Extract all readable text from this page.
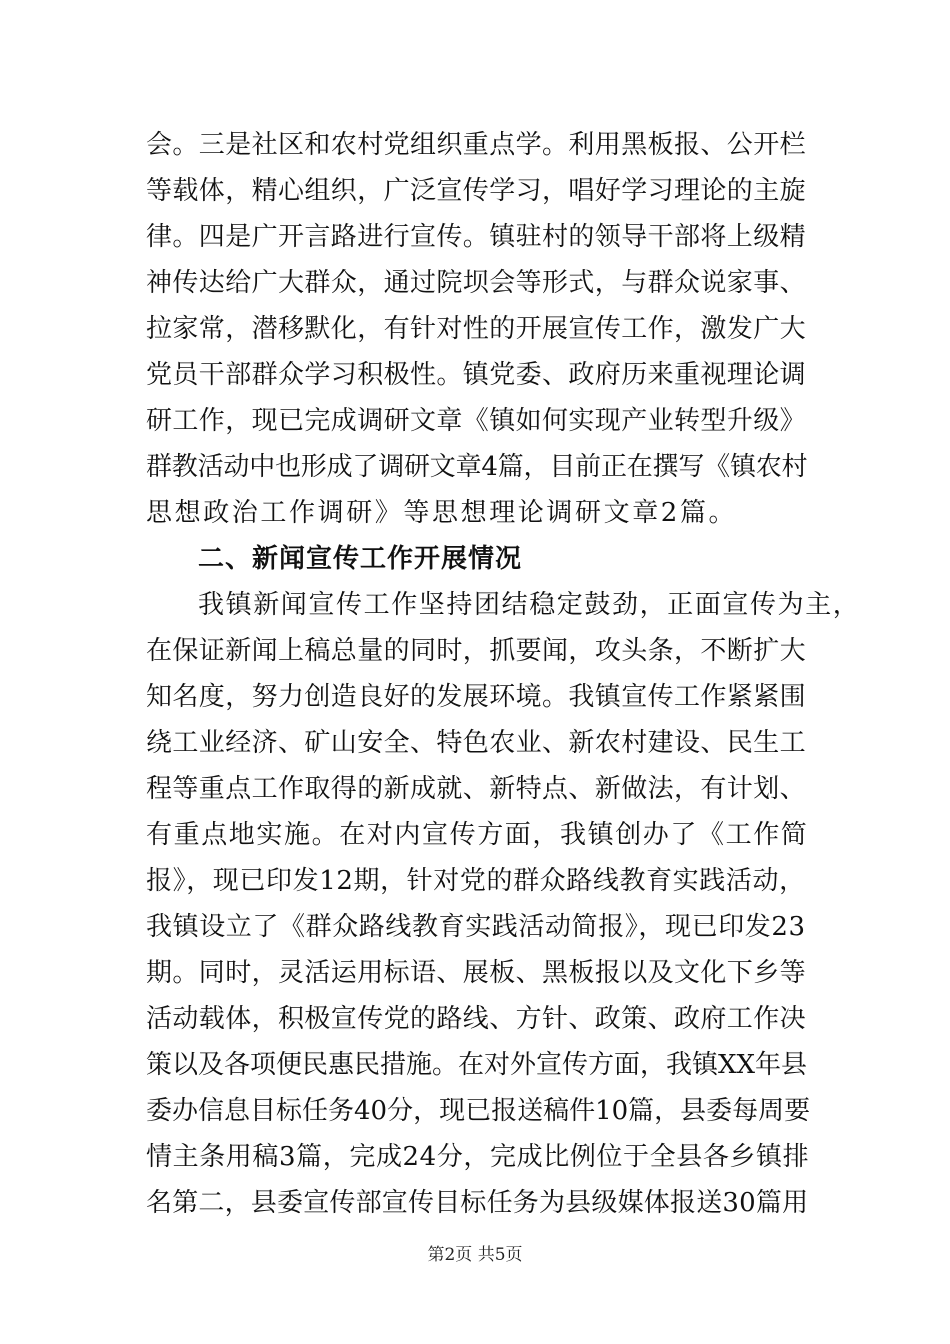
会。三是社区和农村党组织重点学。利用黑板报、公开栏
等载体，精心组织，广泛宣传学习，唱好学习理论的主旋
律。四是广开言路进行宣传。镇驻村的领导干部将上级精
神传达给广大群众，通过院坝会等形式，与群众说家事、
拉家常，潜移默化，有针对性的开展宣传工作，激发广大
党员干部群众学习积极性。镇党委、政府历来重视理论调
研工作，现已完成调研文章《镇如何实现产业转型升级》
群教活动中也形成了调研文章4篇，目前正在撰写《镇农村
思想政治工作调研》等思想理论调研文章2篇。
二、新闻宣传工作开展情况
我镇新闻宣传工作坚持团结稳定鼓劲，正面宣传为主，
在保证新闻上稿总量的同时，抓要闻，攻头条，不断扩大
知名度，努力创造良好的发展环境。我镇宣传工作紧紧围
绕工业经济、矿山安全、特色农业、新农村建设、民生工
程等重点工作取得的新成就、新特点、新做法，有计划、
有重点地实施。在对内宣传方面，我镇创办了《工作简
报》，现已印发12期，针对党的群众路线教育实践活动，
我镇设立了《群众路线教育实践活动简报》，现已印发23
期。同时，灵活运用标语、展板、黑板报以及文化下乡等
活动载体，积极宣传党的路线、方针、政策、政府工作决
策以及各项便民惠民措施。在对外宣传方面，我镇XX年县
委办信息目标任务40分，现已报送稿件10篇，县委每周要
情主条用稿3篇，完成24分，完成比例位于全县各乡镇排
名第二，县委宣传部宣传目标任务为县级媒体报送30篇用
第2页 共5页
